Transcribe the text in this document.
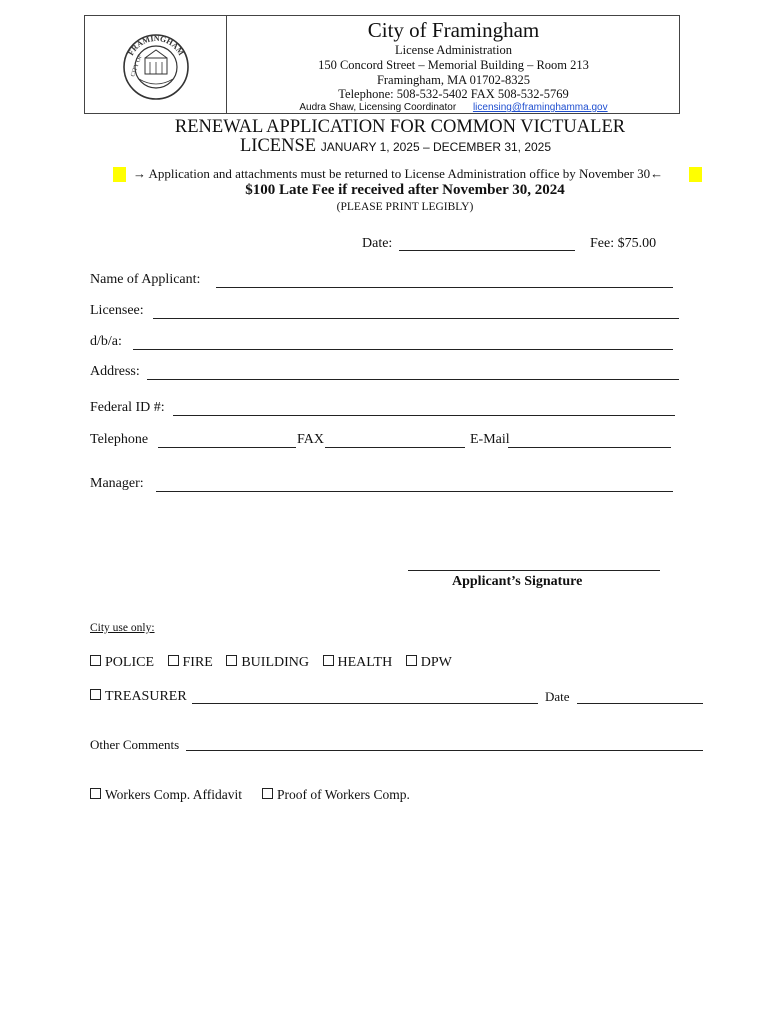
FRAMINGHAM
CITY OF
City of Framingham
License Administration
150 Concord Street – Memorial Building – Room 213
Framingham, MA 01702-8325
Telephone: 508-532-5402 FAX 508-532-5769
Audra Shaw, Licensing Coordinator licensing@framinghamma.gov
RENEWAL APPLICATION FOR COMMON VICTUALER
LICENSE JANUARY 1, 2025 – DECEMBER 31, 2025
→ Application and attachments must be returned to License Administration office by November 30←
$100 Late Fee if received after November 30, 2024
(PLEASE PRINT LEGIBLY)
Date:	Fee: $75.00
Name of Applicant:
Licensee:
d/b/a:
Address:
Federal ID #:
Telephone	FAX	E-Mail
Manager:
Applicant’s Signature
City use only:
POLICE FIRE BUILDING HEALTH DPW
TREASURER	Date
Other Comments
Workers Comp. Affidavit	Proof of Workers Comp.
